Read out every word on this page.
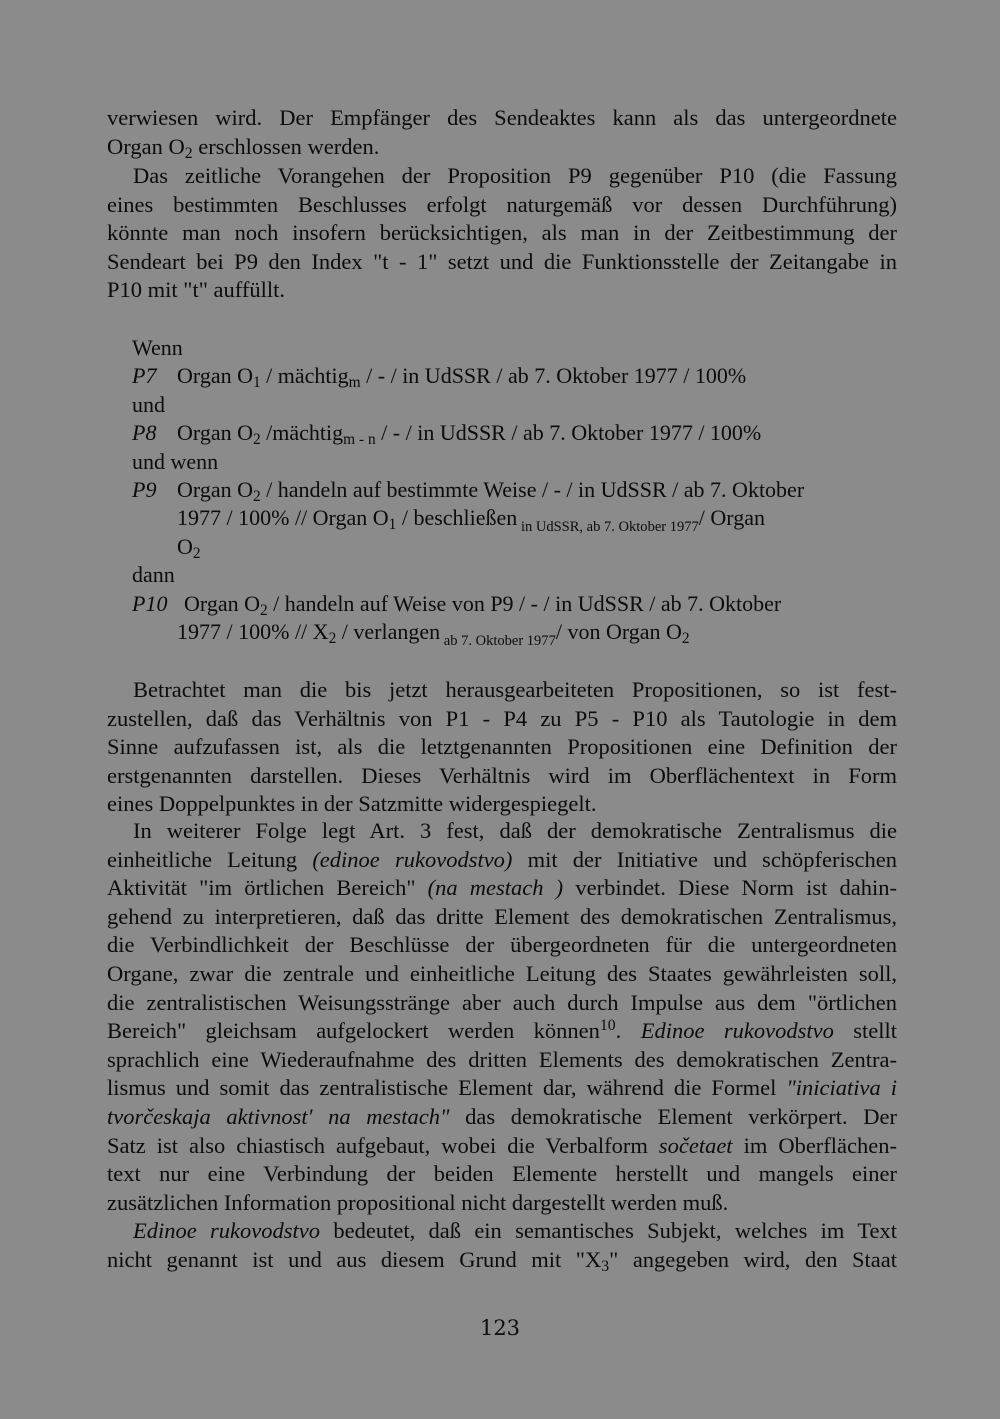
verwiesen wird. Der Empfänger des Sendeaktes kann als das untergeordnete
Organ $O_2$ erschlossen werden.
Das zeitliche Vorangehen der Proposition P9 gegenüber P10 (die Fassung
eines bestimmten Beschlusses erfolgt naturgemäß vor dessen Durchführung)
könnte man noch insofern berücksichtigen, als man in der Zeitbestimmung der
Sendeart bei P9 den Index "t - 1" setzt und die Funktionsstelle der Zeitangabe in
P10 mit "t" auffüllt.
Wenn
P7 Organ $O_1$ / mächtig$_m$ / - / in UdSSR / ab 7. Oktober 1977 / 100%
und
P8 Organ $O_2$ /mächtig$_{m - n}$ / - / in UdSSR / ab 7. Oktober 1977 / 100%
und wenn
P9 Organ $O_2$ / handeln auf bestimmte Weise / - / in UdSSR / ab 7. Oktober
1977 / 100% // Organ $O_1$ / beschließen $_{in UdSSR, ab 7. Oktober 1977}$/ Organ
$O_2$
dann
P10 Organ $O_2$ / handeln auf Weise von P9 / - / in UdSSR / ab 7. Oktober
$1977 / 100\% // X_2$ / verlangen $_{ab 7. Oktober 1977}$/ von Organ $O_2$
Betrachtet man die bis jetzt herausgearbeiteten Propositionen, so ist fest-
zustellen, daß das Verhältnis von P1 - P4 zu P5 - P10 als Tautologie in dem
Sinne aufzufassen ist, als die letztgenannten Propositionen eine Definition der
erstgenannten darstellen. Dieses Verhältnis wird im Oberflächentext in Form
eines Doppelpunktes in der Satzmitte widergespiegelt.
In weiterer Folge legt Art. 3 fest, daß der demokratische Zentralismus die
einheitliche Leitung (edinoe rukovodstvo) mit der Initiative und schöpferischen
Aktivität "im örtlichen Bereich" (na mestach ) verbindet. Diese Norm ist dahin-
gehend zu interpretieren, daß das dritte Element des demokratischen Zentralismus,
die Verbindlichkeit der Beschlüsse der übergeordneten für die untergeordneten
Organe, zwar die zentrale und einheitliche Leitung des Staates gewährleisten soll,
die zentralistischen Weisungsstränge aber auch durch Impulse aus dem "örtlichen
Bereich" gleichsam aufgelockert werden können$^{10}$. Edinoe rukovodstvo stellt
sprachlich eine Wiederaufnahme des dritten Elements des demokratischen Zentra-
lismus und somit das zentralistische Element dar, während die Formel "iniciativa i
tvorčeskaja aktivnost' na mestach" das demokratische Element verkörpert. Der
Satz ist also chiastisch aufgebaut, wobei die Verbalform sočetaet im Oberflächen-
text nur eine Verbindung der beiden Elemente herstellt und mangels einer
zusätzlichen Information propositional nicht dargestellt werden muß.
Edinoe rukovodstvo bedeutet, daß ein semantisches Subjekt, welches im Text
nicht genannt ist und aus diesem Grund mit "$X_3$" angegeben wird, den Staat
123
